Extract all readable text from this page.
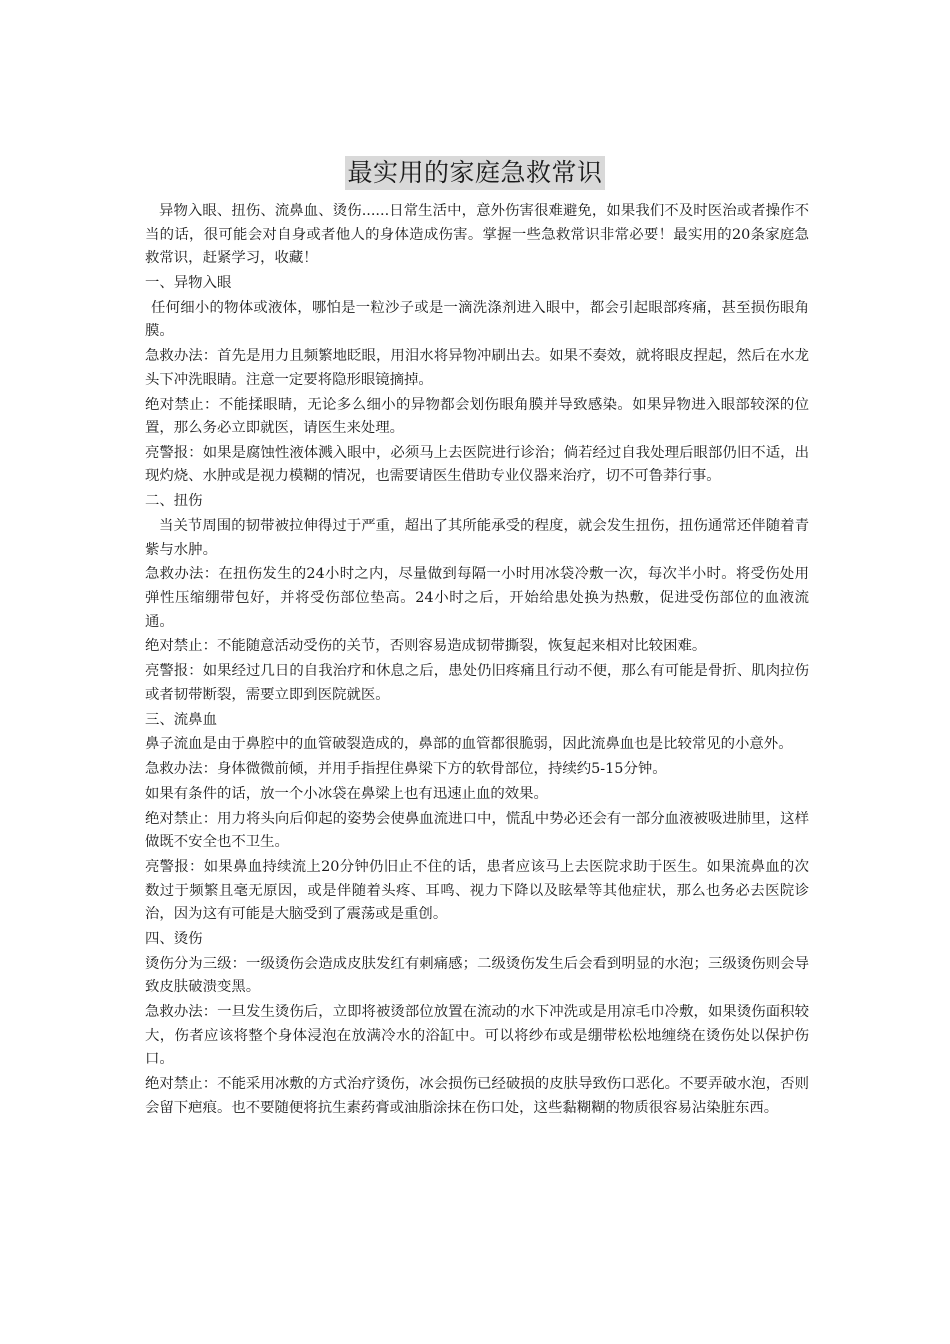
最实用的家庭急救常识

异物入眼、扭伤、流鼻血、烫伤......日常生活中，意外伤害很难避免，如果我们不及时医治或者操作不当的话，很可能会对自身或者他人的身体造成伤害。掌握一些急救常识非常必要！最实用的20条家庭急救常识，赶紧学习，收藏！

一、异物入眼

任何细小的物体或液体，哪怕是一粒沙子或是一滴洗涤剂进入眼中，都会引起眼部疼痛，甚至损伤眼角膜。

急救办法：首先是用力且频繁地眨眼，用泪水将异物冲刷出去。如果不奏效，就将眼皮捏起，然后在水龙头下冲洗眼睛。注意一定要将隐形眼镜摘掉。

绝对禁止：不能揉眼睛，无论多么细小的异物都会划伤眼角膜并导致感染。如果异物进入眼部较深的位置，那么务必立即就医，请医生来处理。

亮警报：如果是腐蚀性液体溅入眼中，必须马上去医院进行诊治；倘若经过自我处理后眼部仍旧不适，出现灼烧、水肿或是视力模糊的情况，也需要请医生借助专业仪器来治疗，切不可鲁莽行事。

二、扭伤

当关节周围的韧带被拉伸得过于严重，超出了其所能承受的程度，就会发生扭伤，扭伤通常还伴随着青紫与水肿。

急救办法：在扭伤发生的24小时之内，尽量做到每隔一小时用冰袋冷敷一次，每次半小时。将受伤处用弹性压缩绷带包好，并将受伤部位垫高。24小时之后，开始给患处换为热敷，促进受伤部位的血液流通。

绝对禁止：不能随意活动受伤的关节，否则容易造成韧带撕裂，恢复起来相对比较困难。

亮警报：如果经过几日的自我治疗和休息之后，患处仍旧疼痛且行动不便，那么有可能是骨折、肌肉拉伤或者韧带断裂，需要立即到医院就医。

三、流鼻血

鼻子流血是由于鼻腔中的血管破裂造成的，鼻部的血管都很脆弱，因此流鼻血也是比较常见的小意外。

急救办法：身体微微前倾，并用手指捏住鼻梁下方的软骨部位，持续约5-15分钟。

如果有条件的话，放一个小冰袋在鼻梁上也有迅速止血的效果。

绝对禁止：用力将头向后仰起的姿势会使鼻血流进口中，慌乱中势必还会有一部分血液被吸进肺里，这样做既不安全也不卫生。

亮警报：如果鼻血持续流上20分钟仍旧止不住的话，患者应该马上去医院求助于医生。如果流鼻血的次数过于频繁且毫无原因，或是伴随着头疼、耳鸣、视力下降以及眩晕等其他症状，那么也务必去医院诊治，因为这有可能是大脑受到了震荡或是重创。

四、烫伤

烫伤分为三级：一级烫伤会造成皮肤发红有刺痛感；二级烫伤发生后会看到明显的水泡；三级烫伤则会导致皮肤破溃变黑。

急救办法：一旦发生烫伤后，立即将被烫部位放置在流动的水下冲洗或是用凉毛巾冷敷，如果烫伤面积较大，伤者应该将整个身体浸泡在放满冷水的浴缸中。可以将纱布或是绷带松松地缠绕在烫伤处以保护伤口。

绝对禁止：不能采用冰敷的方式治疗烫伤，冰会损伤已经破损的皮肤导致伤口恶化。不要弄破水泡，否则会留下疤痕。也不要随便将抗生素药膏或油脂涂抹在伤口处，这些黏糊糊的物质很容易沾染脏东西。
